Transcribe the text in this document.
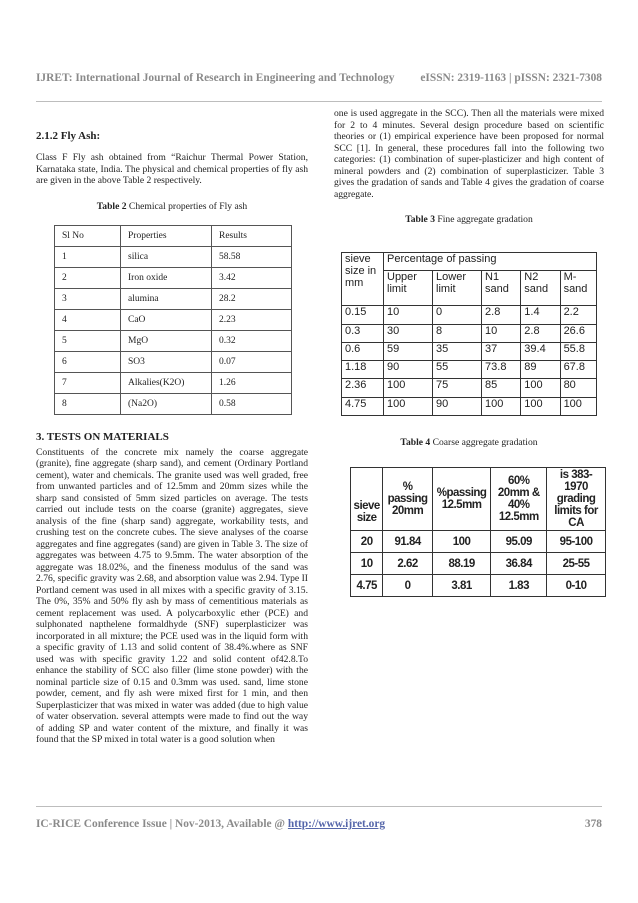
IJRET: International Journal of Research in Engineering and Technology eISSN: 2319-1163 | pISSN: 2321-7308

2.1.2 Fly Ash:

Class F Fly ash obtained from “Raichur Thermal Power Station, Karnataka state, India. The physical and chemical properties of fly ash are given in the above Table 2 respectively.

Table 2 Chemical properties of Fly ash

Sl No	Properties	Results
1	silica	58.58
2	Iron oxide	3.42
3	alumina	28.2
4	CaO	2.23
5	MgO	0.32
6	SO3	0.07
7	Alkalies(K2O)	1.26
8	(Na2O)	0.58

3. TESTS ON MATERIALS

Constituents of the concrete mix namely the coarse aggregate (granite), fine aggregate (sharp sand), and cement (Ordinary Portland cement), water and chemicals. The granite used was well graded, free from unwanted particles and of 12.5mm and 20mm sizes while the sharp sand consisted of 5mm sized particles on average. The tests carried out include tests on the coarse (granite) aggregates, sieve analysis of the fine (sharp sand) aggregate, workability tests, and crushing test on the concrete cubes. The sieve analyses of the coarse aggregates and fine aggregates (sand) are given in Table 3. The size of aggregates was between 4.75 to 9.5mm. The water absorption of the aggregate was 18.02%, and the fineness modulus of the sand was 2.76, specific gravity was 2.68, and absorption value was 2.94. Type II Portland cement was used in all mixes with a specific gravity of 3.15. The 0%, 35% and 50% fly ash by mass of cementitious materials as cement replacement was used. A polycarboxylic ether (PCE) and sulphonated napthelene formaldhyde (SNF) superplasticizer was incorporated in all mixture; the PCE used was in the liquid form with a specific gravity of 1.13 and solid content of 38.4%.where as SNF used was with specific gravity 1.22 and solid content of42.8.To enhance the stability of SCC also filler (lime stone powder) with the nominal particle size of 0.15 and 0.3mm was used. sand, lime stone powder, cement, and fly ash were mixed first for 1 min, and then Superplasticizer that was mixed in water was added (due to high value of water observation. several attempts were made to find out the way of adding SP and water content of the mixture, and finally it was found that the SP mixed in total water is a good solution when

one is used aggregate in the SCC). Then all the materials were mixed for 2 to 4 minutes. Several design procedure based on scientific theories or (1) empirical experience have been proposed for normal SCC [1]. In general, these procedures fall into the following two categories: (1) combination of super-plasticizer and high content of mineral powders and (2) combination of superplasticizer. Table 3 gives the gradation of sands and Table 4 gives the gradation of coarse aggregate.

Table 3 Fine aggregate gradation

sieve size in mm	Percentage of passing				
	Upper limit	Lower limit	N1 sand	N2 sand	M-sand
0.15	10	0	2.8	1.4	2.2
0.3	30	8	10	2.8	26.6
0.6	59	35	37	39.4	55.8
1.18	90	55	73.8	89	67.8
2.36	100	75	85	100	80
4.75	100	90	100	100	100

Table 4 Coarse aggregate gradation

sieve size	% passing 20mm	%passing 12.5mm	60% 20mm & 40% 12.5mm	is 383-1970 grading limits for CA
20	91.84	100	95.09	95-100
10	2.62	88.19	36.84	25-55
4.75	0	3.81	1.83	0-10
IC-RICE Conference Issue | Nov-2013, Available @ http://www.ijret.org	378
